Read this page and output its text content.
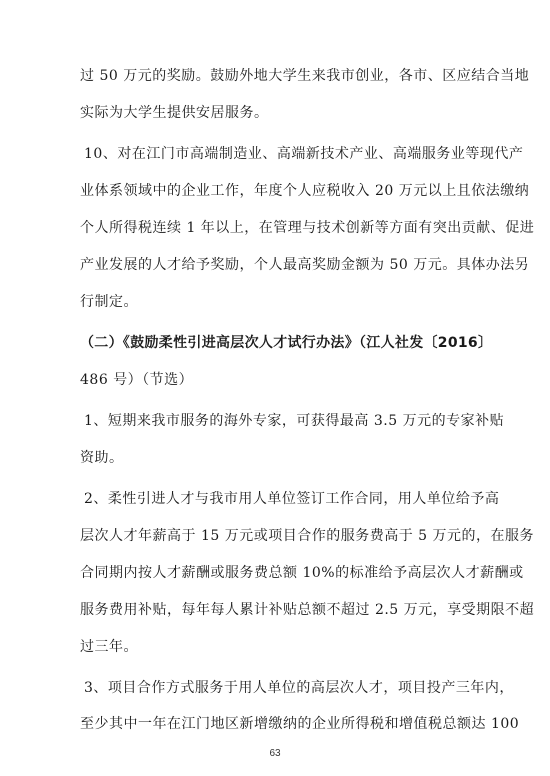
过 50 万元的奖励。鼓励外地大学生来我市创业，各市、区应结合当地
实际为大学生提供安居服务。
10、对在江门市高端制造业、高端新技术产业、高端服务业等现代产
业体系领域中的企业工作，年度个人应税收入 20 万元以上且依法缴纳
个人所得税连续 1 年以上，在管理与技术创新等方面有突出贡献、促进
产业发展的人才给予奖励，个人最高奖励金额为 50 万元。具体办法另
行制定。
（二）《鼓励柔性引进高层次人才试行办法》（江人社发〔2016〕
486 号）（节选）
1、短期来我市服务的海外专家，可获得最高 3.5 万元的专家补贴
资助。
2、柔性引进人才与我市用人单位签订工作合同，用人单位给予高
层次人才年薪高于 15 万元或项目合作的服务费高于 5 万元的，在服务
合同期内按人才薪酬或服务费总额 10%的标准给予高层次人才薪酬或
服务费用补贴，每年每人累计补贴总额不超过 2.5 万元，享受期限不超
过三年。
3、项目合作方式服务于用人单位的高层次人才，项目投产三年内，
63
至少其中一年在江门地区新增缴纳的企业所得税和增值税总额达 100
